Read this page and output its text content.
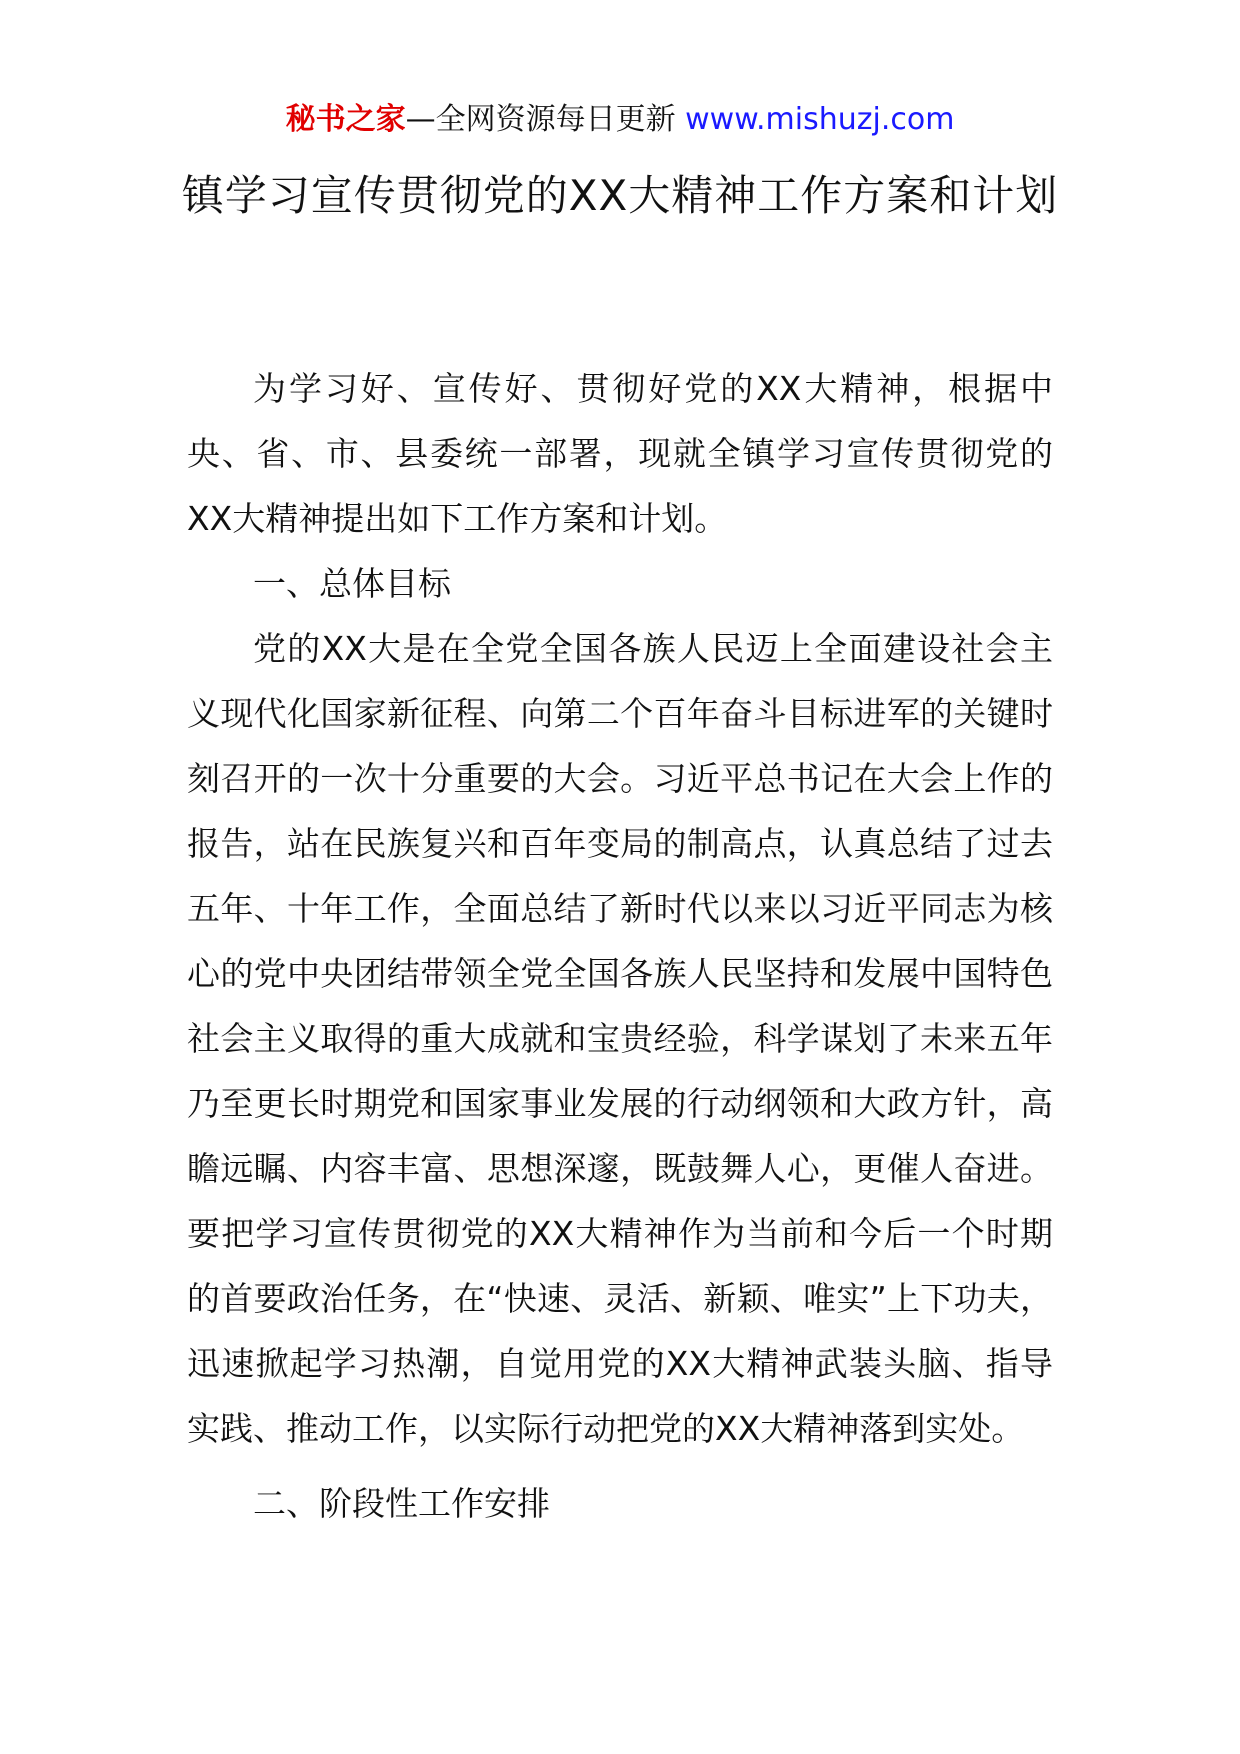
秘书之家—全网资源每日更新 www.mishuzj.com
镇学习宣传贯彻党的XX大精神工作方案和计划

为学习好、宣传好、贯彻好党的XX大精神，根据中央、省、市、县委统一部署，现就全镇学习宣传贯彻党的XX大精神提出如下工作方案和计划。

一、总体目标

党的XX大是在全党全国各族人民迈上全面建设社会主义现代化国家新征程、向第二个百年奋斗目标进军的关键时刻召开的一次十分重要的大会。习近平总书记在大会上作的报告，站在民族复兴和百年变局的制高点，认真总结了过去五年、十年工作，全面总结了新时代以来以习近平同志为核心的党中央团结带领全党全国各族人民坚持和发展中国特色社会主义取得的重大成就和宝贵经验，科学谋划了未来五年乃至更长时期党和国家事业发展的行动纲领和大政方针，高瞻远瞩、内容丰富、思想深邃，既鼓舞人心，更催人奋进。要把学习宣传贯彻党的XX大精神作为当前和今后一个时期的首要政治任务，在“快速、灵活、新颖、唯实”上下功夫，迅速掀起学习热潮，自觉用党的XX大精神武装头脑、指导实践、推动工作，以实际行动把党的XX大精神落到实处。

二、阶段性工作安排
